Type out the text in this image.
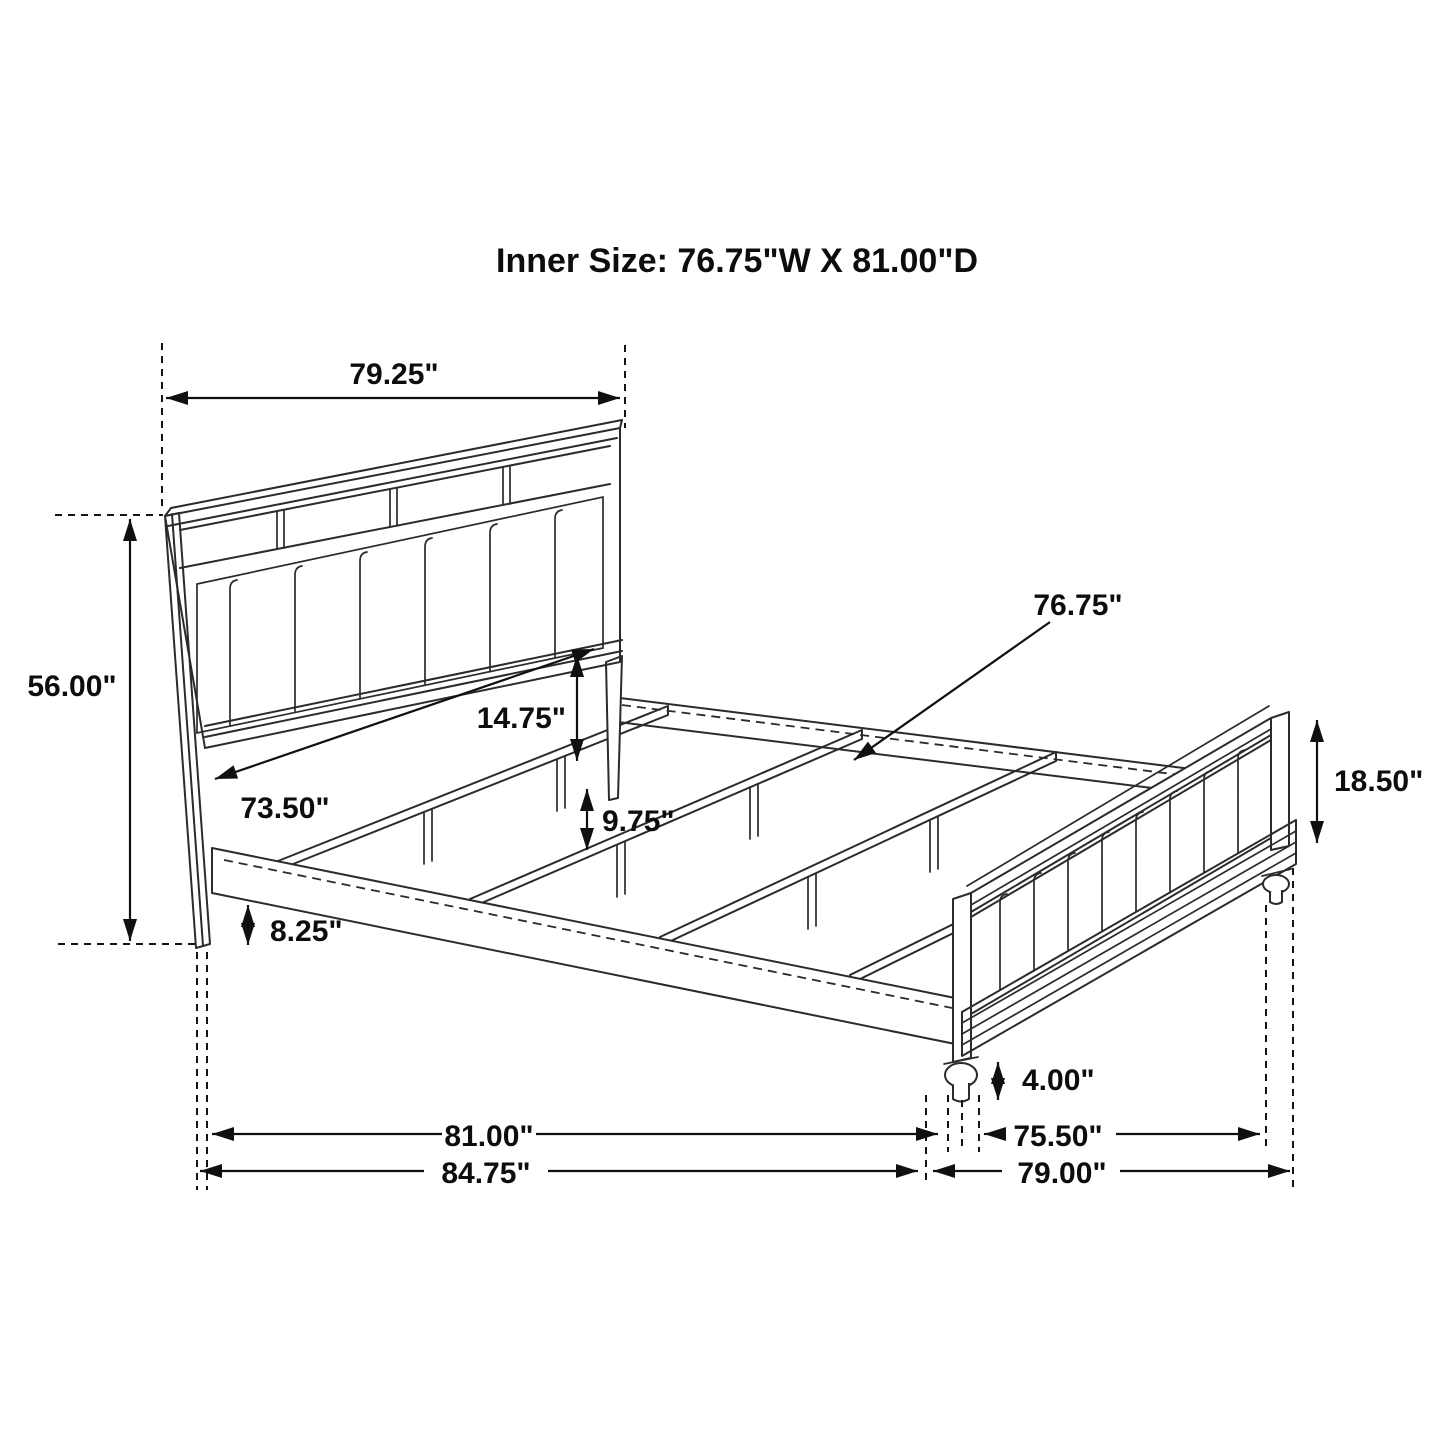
Inner Size: 76.75"W X 81.00"D
79.25"
56.00"
73.50"
14.75"
9.75"
8.25"
76.75"
18.50"
4.00"
81.00"	75.50"
84.75"	79.00"
